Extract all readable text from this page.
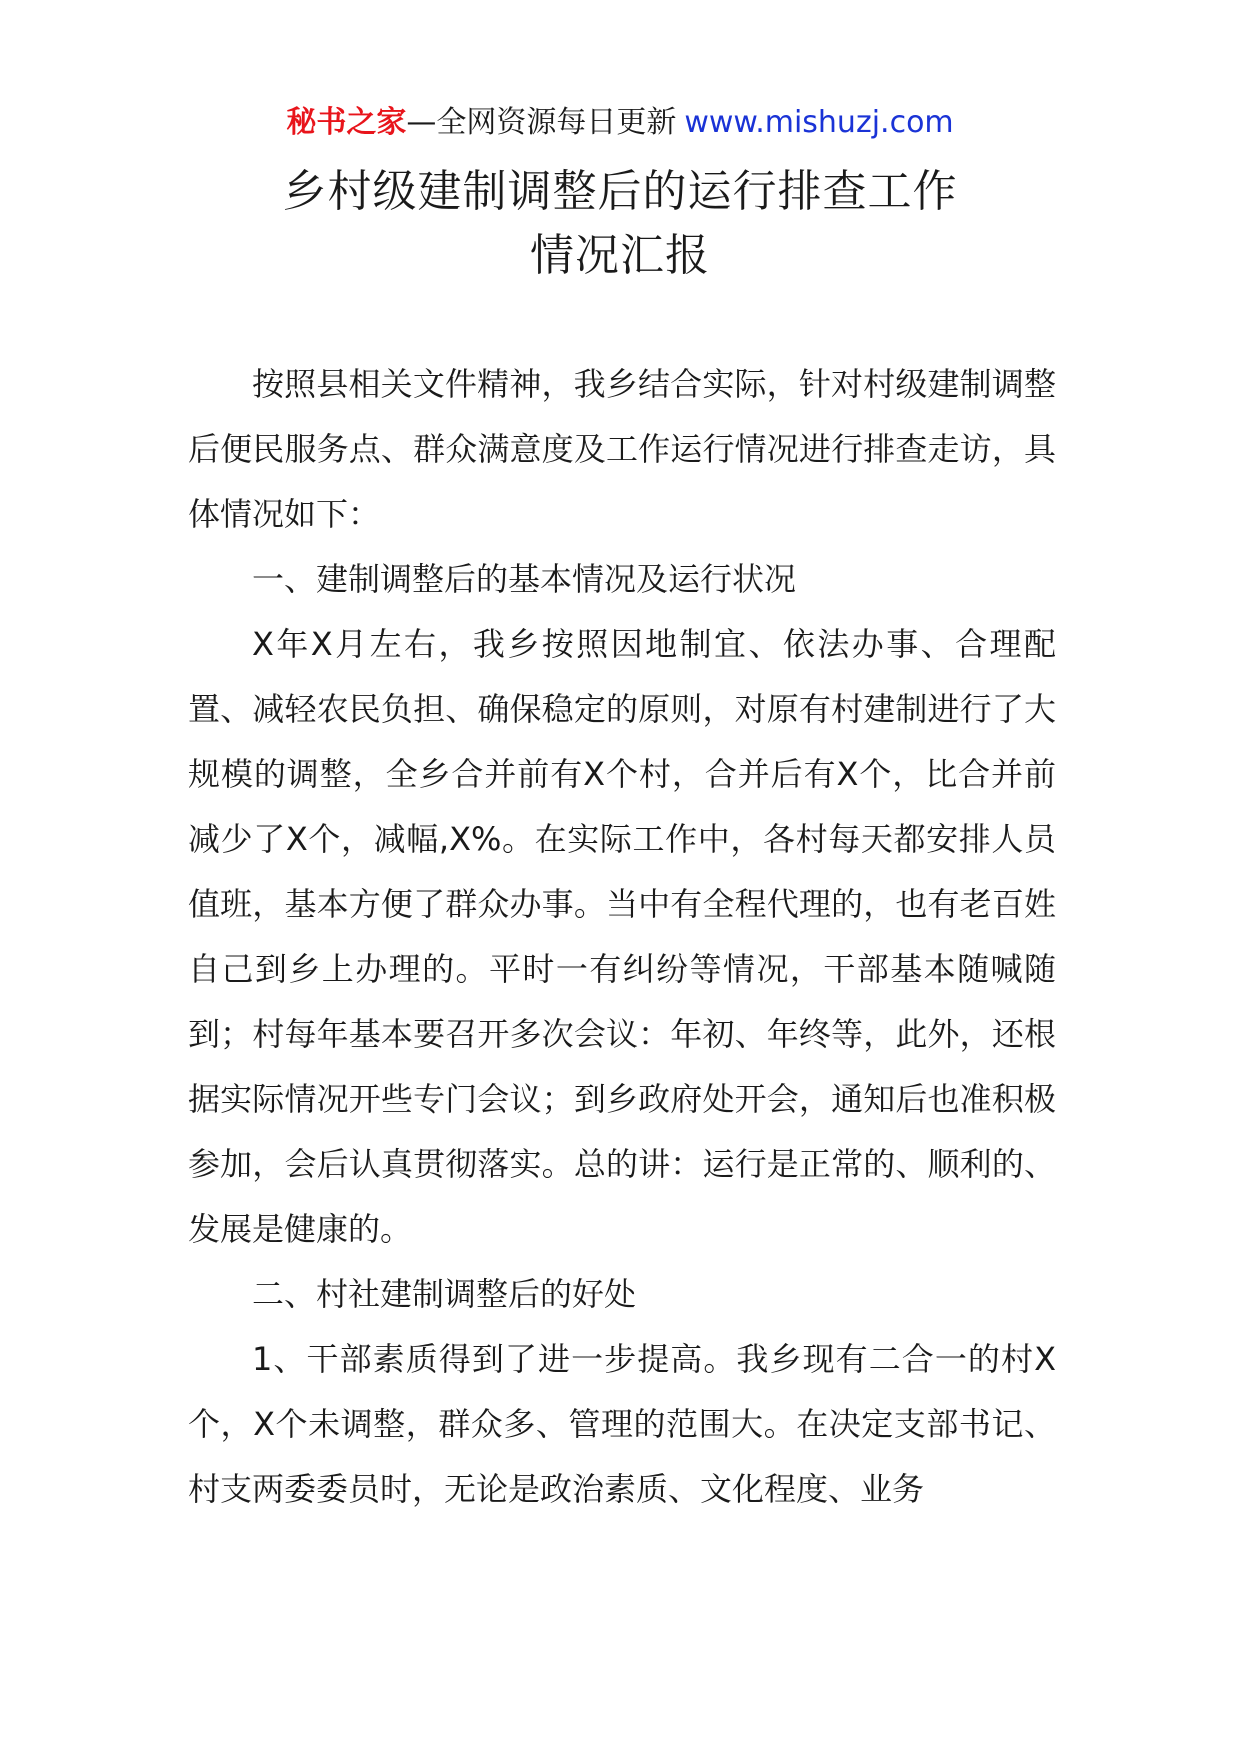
秘书之家—全网资源每日更新 www.mishuzj.com
乡村级建制调整后的运行排查工作
情况汇报

按照县相关文件精神，我乡结合实际，针对村级建制调整后便民服务点、群众满意度及工作运行情况进行排查走访，具体情况如下：

一、建制调整后的基本情况及运行状况

X年X月左右，我乡按照因地制宜、依法办事、合理配置、减轻农民负担、确保稳定的原则，对原有村建制进行了大规模的调整，全乡合并前有X个村，合并后有X个，比合并前减少了X个，减幅,X%。在实际工作中，各村每天都安排人员值班，基本方便了群众办事。当中有全程代理的，也有老百姓自己到乡上办理的。平时一有纠纷等情况，干部基本随喊随到；村每年基本要召开多次会议：年初、年终等，此外，还根据实际情况开些专门会议；到乡政府处开会，通知后也准积极参加，会后认真贯彻落实。总的讲：运行是正常的、顺利的、发展是健康的。

二、村社建制调整后的好处

1、干部素质得到了进一步提高。我乡现有二合一的村X个，X个未调整，群众多、管理的范围大。在决定支部书记、村支两委委员时，无论是政治素质、文化程度、业务
